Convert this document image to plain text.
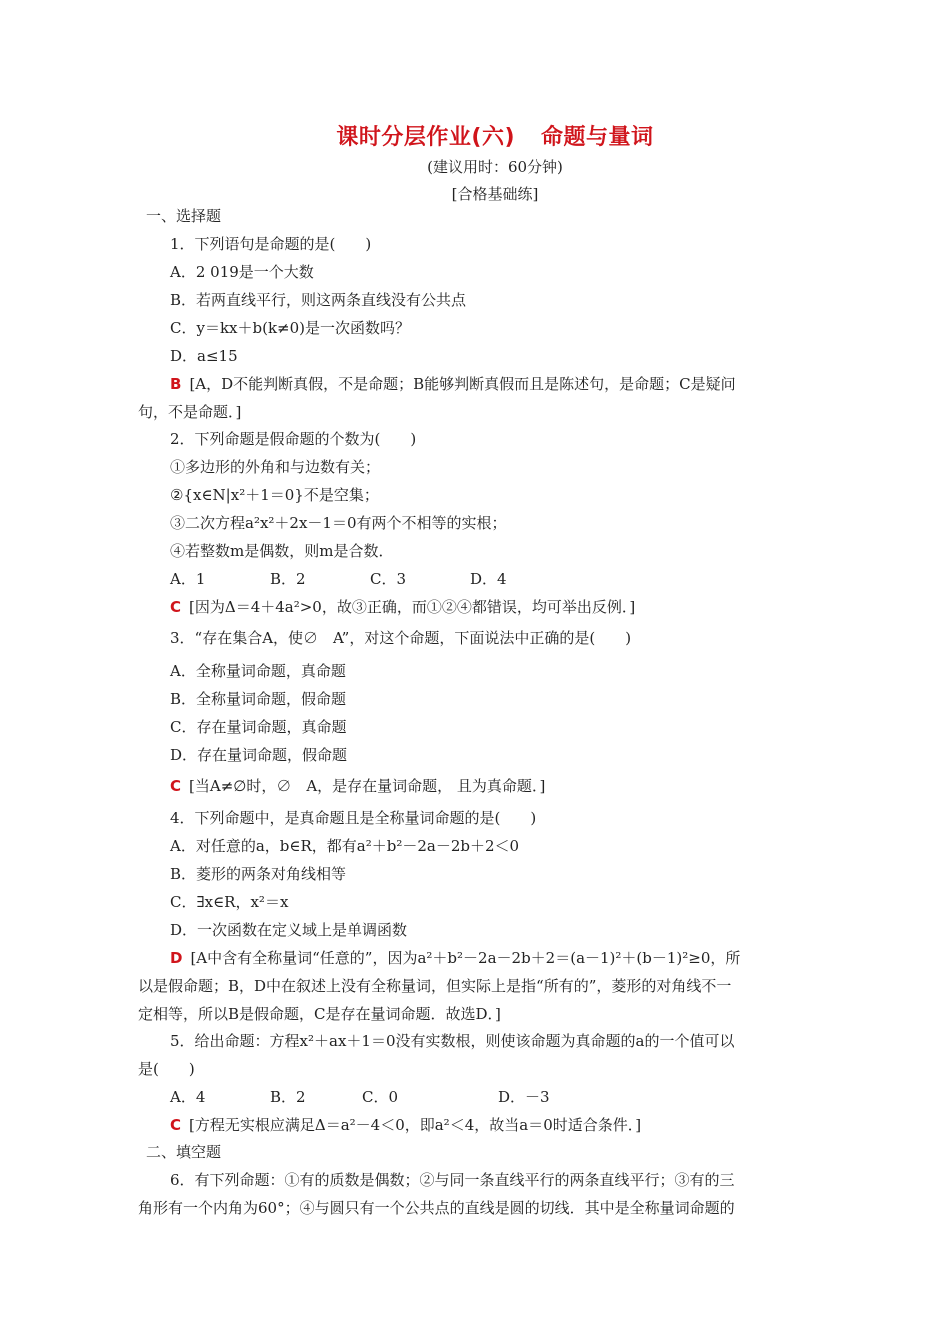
课时分层作业(六) 命题与量词
(建议用时：60分钟)
[合格基础练]
一、选择题
1．下列语句是命题的是(　　)
A．2 019是一个大数
B．若两直线平行，则这两条直线没有公共点
C．y＝kx＋b(k≠0)是一次函数吗？
D．a≤15
B [A，D不能判断真假，不是命题；B能够判断真假而且是陈述句，是命题；C是疑问
句，不是命题．]
2．下列命题是假命题的个数为(　　)
①多边形的外角和与边数有关；
②{x∈N|x²＋1＝0}不是空集；
③二次方程a²x²＋2x－1＝0有两个不相等的实根；
④若整数m是偶数，则m是合数．
A．1	B．2	C．3	D．4
C [因为Δ＝4＋4a²>0，故③正确，而①②④都错误，均可举出反例．]
3．“存在集合A，使∅　A”，对这个命题，下面说法中正确的是(　　)
A．全称量词命题，真命题
B．全称量词命题，假命题
C．存在量词命题，真命题
D．存在量词命题，假命题
C [当A≠∅时，∅　A，是存在量词命题， 且为真命题．]
4．下列命题中，是真命题且是全称量词命题的是(　　)
A．对任意的a，b∈R，都有a²＋b²－2a－2b＋2＜0
B．菱形的两条对角线相等
C．∃x∈R，x²＝x
D．一次函数在定义域上是单调函数
D [A中含有全称量词“任意的”，因为a²＋b²－2a－2b＋2＝(a－1)²＋(b－1)²≥0，所
以是假命题；B，D中在叙述上没有全称量词，但实际上是指“所有的”，菱形的对角线不一
定相等，所以B是假命题，C是存在量词命题．故选D．]
5．给出命题：方程x²＋ax＋1＝0没有实数根，则使该命题为真命题的a的一个值可以
是(　　)
A．4	B．2	C．0	D．－3
C [方程无实根应满足Δ＝a²－4＜0，即a²＜4，故当a＝0时适合条件．]
二、填空题
6．有下列命题：①有的质数是偶数；②与同一条直线平行的两条直线平行；③有的三
角形有一个内角为60°；④与圆只有一个公共点的直线是圆的切线．其中是全称量词命题的
